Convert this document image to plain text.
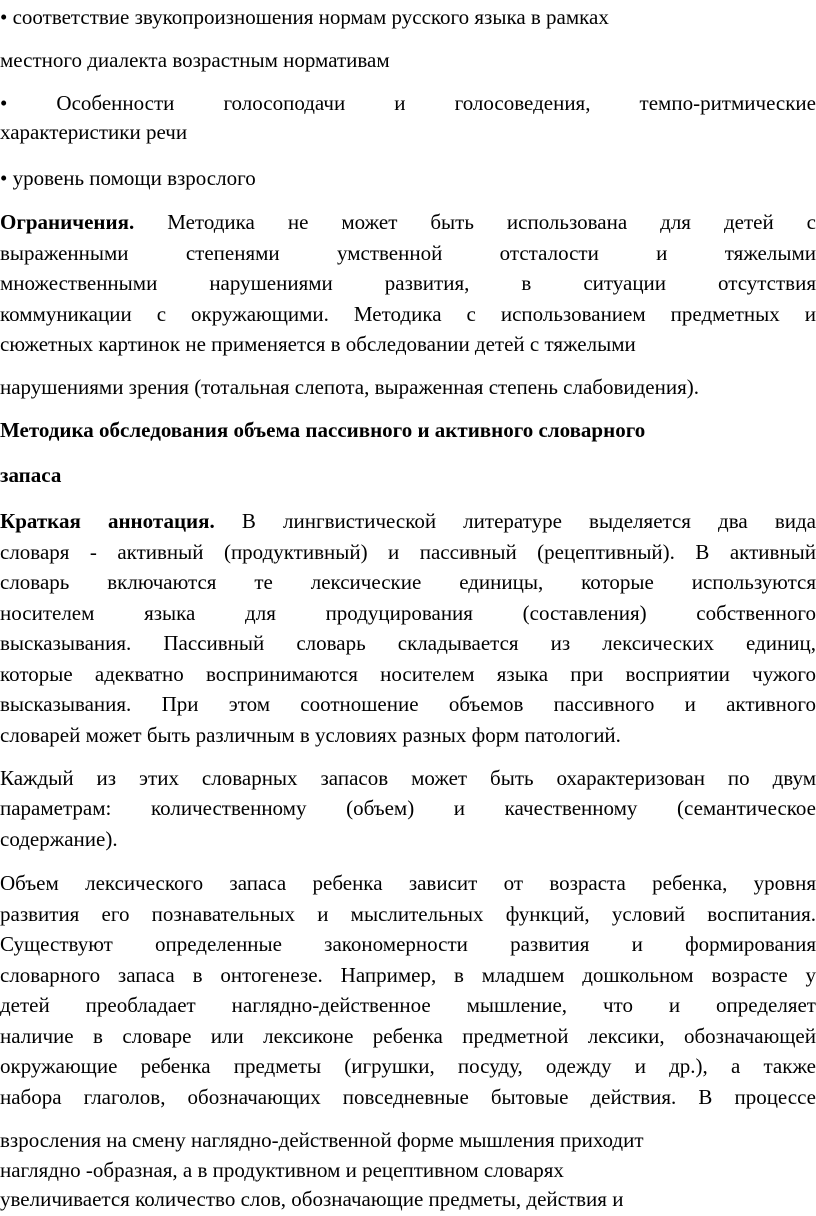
• соответствие звукопроизношения нормам русского языка в рамках

местного диалекта возрастным нормативам

• Особенности голосоподачи и голосоведения, темпо-ритмические

характеристики речи

• уровень помощи взрослого

Ограничения. Методика не может быть использована для детей с

выраженными степенями умственной отсталости и тяжелыми

множественными нарушениями развития, в ситуации отсутствия

коммуникации с окружающими. Методика с использованием предметных и

сюжетных картинок не применяется в обследовании детей с тяжелыми

нарушениями зрения (тотальная слепота, выраженная степень слабовидения).

Методика обследования объема пассивного и активного словарного

запаса

Краткая аннотация. В лингвистической литературе выделяется два вида

словаря - активный (продуктивный) и пассивный (рецептивный). В активный

словарь включаются те лексические единицы, которые используются

носителем языка для продуцирования (составления) собственного

высказывания. Пассивный словарь складывается из лексических единиц,

которые адекватно воспринимаются носителем языка при восприятии чужого

высказывания. При этом соотношение объемов пассивного и активного

словарей может быть различным в условиях разных форм патологий.

Каждый из этих словарных запасов может быть охарактеризован по двум

параметрам: количественному (объем) и качественному (семантическое

содержание).

Объем лексического запаса ребенка зависит от возраста ребенка, уровня

развития его познавательных и мыслительных функций, условий воспитания.

Существуют определенные закономерности развития и формирования

словарного запаса в онтогенезе. Например, в младшем дошкольном возрасте у

детей преобладает наглядно-действенное мышление, что и определяет

наличие в словаре или лексиконе ребенка предметной лексики, обозначающей

окружающие ребенка предметы (игрушки, посуду, одежду и др.), а также

набора глаголов, обозначающих повседневные бытовые действия. В процессе

взросления на смену наглядно-действенной форме мышления приходит

наглядно -образная, а в продуктивном и рецептивном словарях

увеличивается количество слов, обозначающие предметы, действия и
